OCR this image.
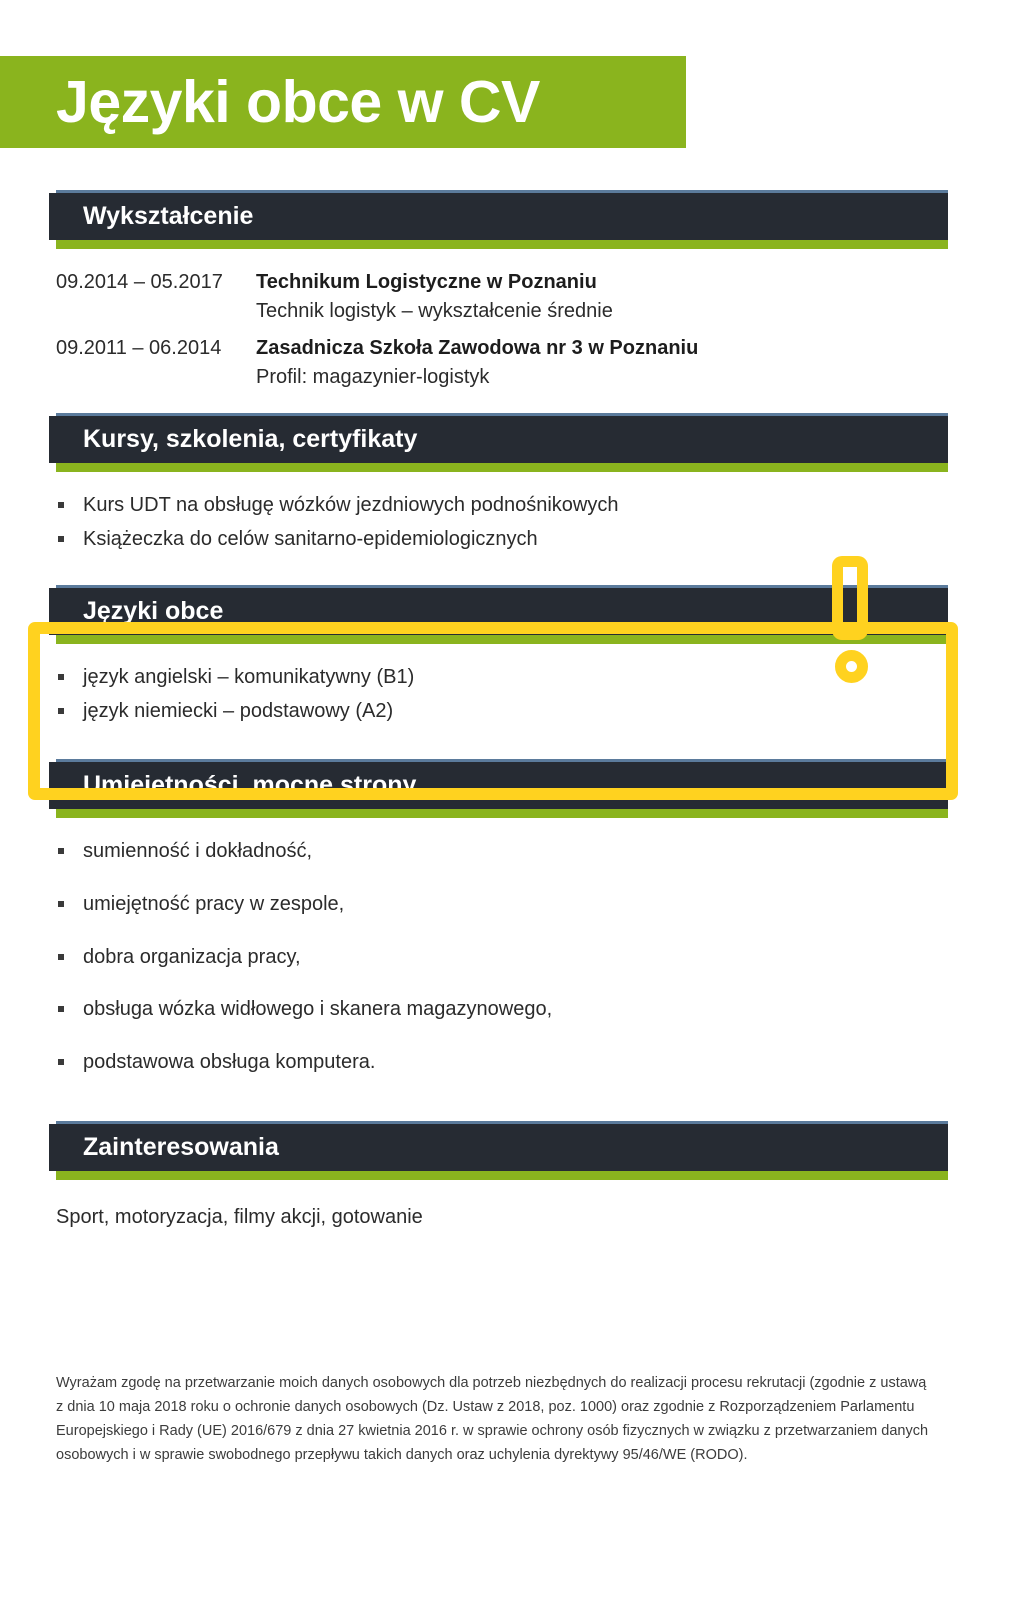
Języki obce w CV
Wykształcenie
09.2014 – 05.2017	Technikum Logistyczne w Poznaniu
Technik logistyk – wykształcenie średnie
09.2011 – 06.2014	Zasadnicza Szkoła Zawodowa nr 3 w Poznaniu
Profil: magazynier-logistyk
Kursy, szkolenia, certyfikaty
Kurs UDT na obsługę wózków jezdniowych podnośnikowych
Książeczka do celów sanitarno-epidemiologicznych
Języki obce
język angielski – komunikatywny (B1)
język niemiecki – podstawowy (A2)
Umiejętności, mocne strony
sumienność i dokładność,
umiejętność pracy w zespole,
dobra organizacja pracy,
obsługa wózka widłowego i skanera magazynowego,
podstawowa obsługa komputera.
Zainteresowania
Sport, motoryzacja, filmy akcji, gotowanie
Wyrażam zgodę na przetwarzanie moich danych osobowych dla potrzeb niezbędnych do realizacji procesu rekrutacji (zgodnie z ustawą z dnia 10 maja 2018 roku o ochronie danych osobowych (Dz. Ustaw z 2018, poz. 1000) oraz zgodnie z Rozporządzeniem Parlamentu Europejskiego i Rady (UE) 2016/679 z dnia 27 kwietnia 2016 r. w sprawie ochrony osób fizycznych w związku z przetwarzaniem danych osobowych i w sprawie swobodnego przepływu takich danych oraz uchylenia dyrektywy 95/46/WE (RODO).
